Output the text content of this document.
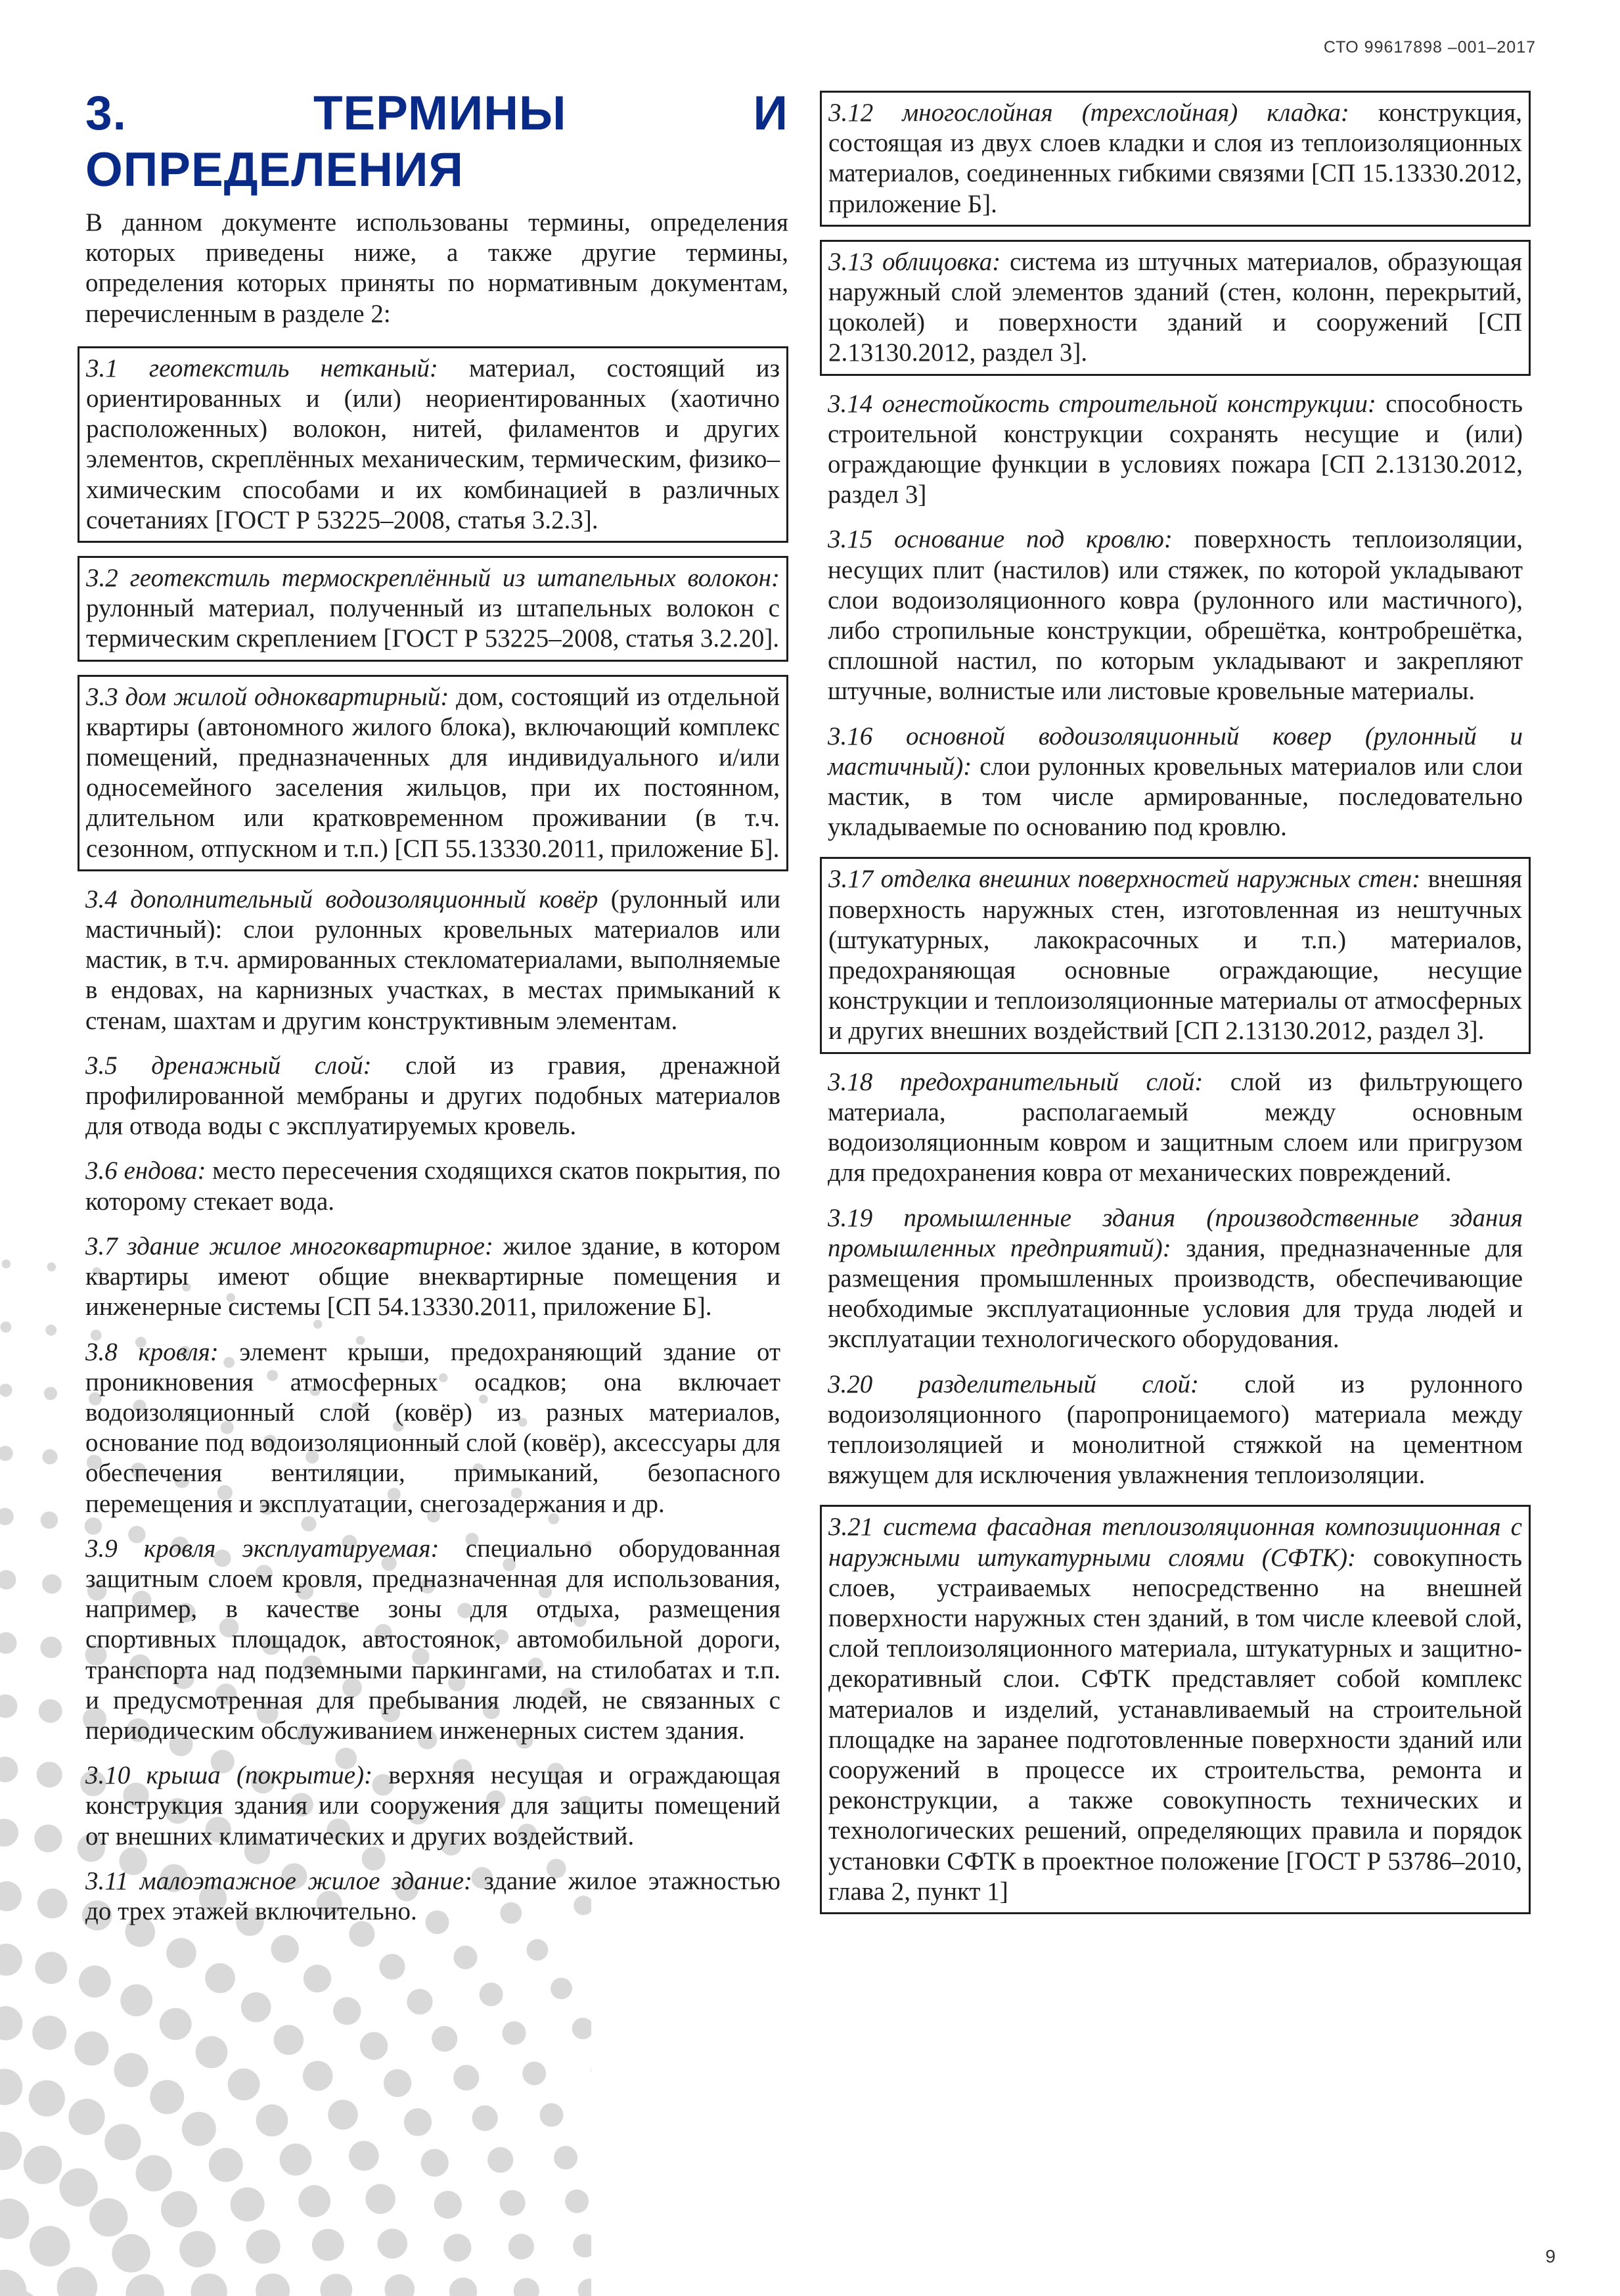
СТО 99617898 –001–2017
3. ТЕРМИНЫ И ОПРЕДЕЛЕНИЯ

В данном документе использованы термины, определения которых приведены ниже, а также другие термины, определения которых приняты по нормативным документам, перечисленным в разделе 2:

3.1 геотекстиль нетканый: материал, состоящий из ориентированных и (или) неориентированных (хаотично расположенных) волокон, нитей, филаментов и других элементов, скреплённых механическим, термическим, физико–химическим способами и их комбинацией в различных сочетаниях [ГОСТ Р 53225–2008, статья 3.2.3].
3.2 геотекстиль термоскреплённый из штапельных волокон: рулонный материал, полученный из штапельных волокон с термическим скреплением [ГОСТ Р 53225–2008, статья 3.2.20].
3.3 дом жилой одноквартирный: дом, состоящий из отдельной квартиры (автономного жилого блока), включающий комплекс помещений, предназначенных для индивидуального и/или односемейного заселения жильцов, при их постоянном, длительном или кратковременном проживании (в т.ч. сезонном, отпускном и т.п.) [СП 55.13330.2011, приложение Б].
3.4 дополнительный водоизоляционный ковёр (рулонный или мастичный): слои рулонных кровельных материалов или мастик, в т.ч. армированных стекломатериалами, выполняемые в ендовах, на карнизных участках, в местах примыканий к стенам, шахтам и другим конструктивным элементам.
3.5 дренажный слой: слой из гравия, дренажной профилированной мембраны и других подобных материалов для отвода воды с эксплуатируемых кровель.
3.6 ендова: место пересечения сходящихся скатов покрытия, по которому стекает вода.
3.7 здание жилое многоквартирное: жилое здание, в котором квартиры имеют общие внеквартирные помещения и инженерные системы [СП 54.13330.2011, приложение Б].
3.8 кровля: элемент крыши, предохраняющий здание от проникновения атмосферных осадков; она включает водоизоляционный слой (ковёр) из разных материалов, основание под водоизоляционный слой (ковёр), аксессуары для обеспечения вентиляции, примыканий, безопасного перемещения и эксплуатации, снегозадержания и др.
3.9 кровля эксплуатируемая: специально оборудованная защитным слоем кровля, предназначенная для использования, например, в качестве зоны для отдыха, размещения спортивных площадок, автостоянок, автомобильной дороги, транспорта над подземными паркингами, на стилобатах и т.п. и предусмотренная для пребывания людей, не связанных с периодическим обслуживанием инженерных систем здания.
3.10 крыша (покрытие): верхняя несущая и ограждающая конструкция здания или сооружения для защиты помещений от внешних климатических и других воздействий.
3.11 малоэтажное жилое здание: здание жилое этажностью до трех этажей включительно.
3.12 многослойная (трехслойная) кладка: конструкция, состоящая из двух слоев кладки и слоя из теплоизоляционных материалов, соединенных гибкими связями [СП 15.13330.2012, приложение Б].
3.13 облицовка: система из штучных материалов, образующая наружный слой элементов зданий (стен, колонн, перекрытий, цоколей) и поверхности зданий и сооружений [СП 2.13130.2012, раздел 3].
3.14 огнестойкость строительной конструкции: способность строительной конструкции сохранять несущие и (или) ограждающие функции в условиях пожара [СП 2.13130.2012, раздел 3]
3.15 основание под кровлю: поверхность теплоизоляции, несущих плит (настилов) или стяжек, по которой укладывают слои водоизоляционного ковра (рулонного или мастичного), либо стропильные конструкции, обрешётка, контробрешётка, сплошной настил, по которым укладывают и закрепляют штучные, волнистые или листовые кровельные материалы.
3.16 основной водоизоляционный ковер (рулонный и мастичный): слои рулонных кровельных материалов или слои мастик, в том числе армированные, последовательно укладываемые по основанию под кровлю.
3.17 отделка внешних поверхностей наружных стен: внешняя поверхность наружных стен, изготовленная из нештучных (штукатурных, лакокрасочных и т.п.) материалов, предохраняющая основные ограждающие, несущие конструкции и теплоизоляционные материалы от атмосферных и других внешних воздействий [СП 2.13130.2012, раздел 3].
3.18 предохранительный слой: слой из фильтрующего материала, располагаемый между основным водоизоляционным ковром и защитным слоем или пригрузом для предохранения ковра от механических повреждений.
3.19 промышленные здания (производственные здания промышленных предприятий): здания, предназначенные для размещения промышленных производств, обеспечивающие необходимые эксплуатационные условия для труда людей и эксплуатации технологического оборудования.
3.20 разделительный слой: слой из рулонного водоизоляционного (паропроницаемого) материала между теплоизоляцией и монолитной стяжкой на цементном вяжущем для исключения увлажнения теплоизоляции.
3.21 система фасадная теплоизоляционная композиционная с наружными штукатурными слоями (СФТК): совокупность слоев, устраиваемых непосредственно на внешней поверхности наружных стен зданий, в том числе клеевой слой, слой теплоизоляционного материала, штукатурных и защитно-декоративный слои. СФТК представляет собой комплекс материалов и изделий, устанавливаемый на строительной площадке на заранее подготовленные поверхности зданий или сооружений в процессе их строительства, ремонта и реконструкции, а также совокупность технических и технологических решений, определяющих правила и порядок установки СФТК в проектное положение [ГОСТ Р 53786–2010, глава 2, пункт 1]
9
